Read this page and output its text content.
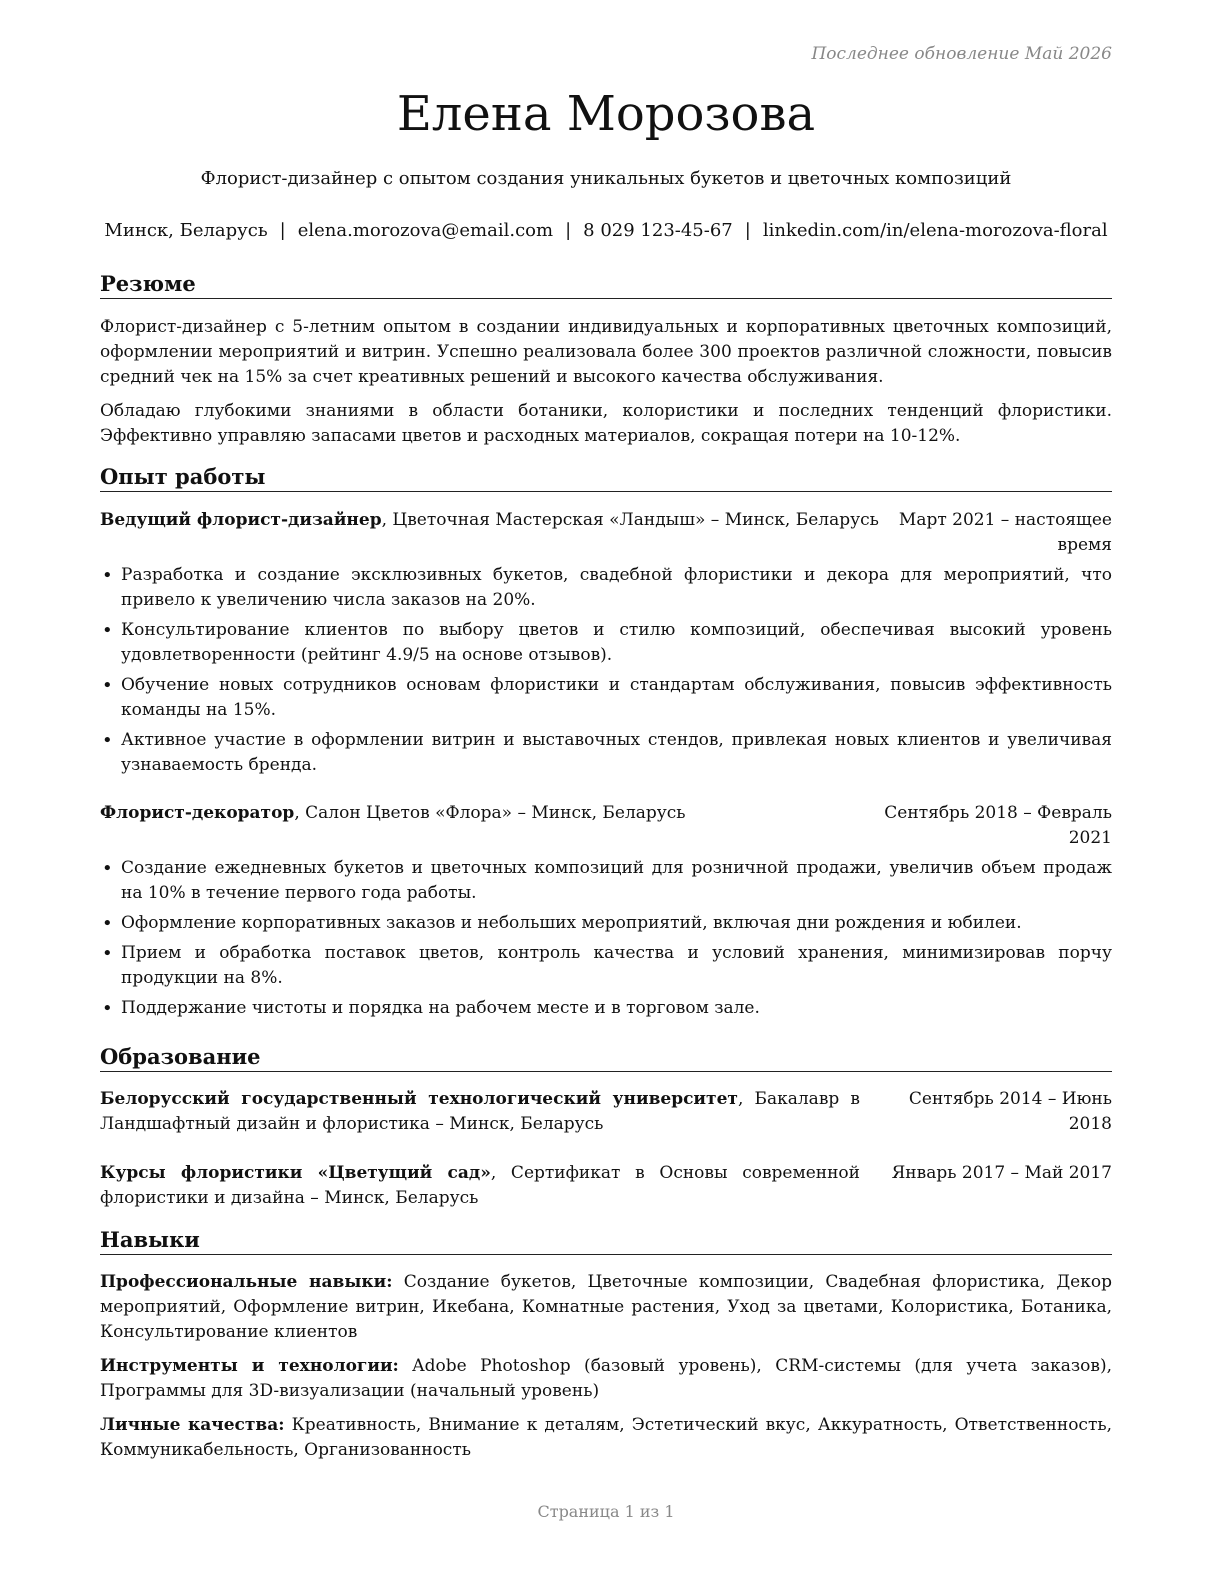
Последнее обновление Май 2026
Елена Морозова
Флорист-дизайнер с опытом создания уникальных букетов и цветочных композиций
Минск, Беларусь | elena.morozova@email.com | 8 029 123-45-67 | linkedin.com/in/elena-morozova-floral
Резюме

Флорист-дизайнер с 5-летним опытом в создании индивидуальных и корпоративных цветочных композиций, оформлении мероприятий и витрин. Успешно реализовала более 300 проектов различной сложности, повысив средний чек на 15% за счет креативных решений и высокого качества обслуживания.

Обладаю глубокими знаниями в области ботаники, колористики и последних тенденций флористики. Эффективно управляю запасами цветов и расходных материалов, сокращая потери на 10-12%.

Опыт работы
Март 2021 – настоящее
время
Ведущий флорист-дизайнер, Цветочная Мастерская «Ландыш» – Минск, Беларусь
• Разработка и создание эксклюзивных букетов, свадебной флористики и декора для мероприятий, что привело к увеличению числа заказов на 20%.
• Консультирование клиентов по выбору цветов и стилю композиций, обеспечивая высокий уровень удовлетворенности (рейтинг 4.9/5 на основе отзывов).
• Обучение новых сотрудников основам флористики и стандартам обслуживания, повысив эффективность команды на 15%.
• Активное участие в оформлении витрин и выставочных стендов, привлекая новых клиентов и увеличивая узнаваемость бренда.
Сентябрь 2018 – Февраль
2021
Флорист-декоратор, Салон Цветов «Флора» – Минск, Беларусь
• Создание ежедневных букетов и цветочных композиций для розничной продажи, увеличив объем продаж на 10% в течение первого года работы.
• Оформление корпоративных заказов и небольших мероприятий, включая дни рождения и юбилеи.
• Прием и обработка поставок цветов, контроль качества и условий хранения, минимизировав порчу продукции на 8%.
• Поддержание чистоты и порядка на рабочем месте и в торговом зале.
Образование
Белорусский государственный технологический университет, Бакалавр в Ландшафтный дизайн и флористика – Минск, Беларусь
Сентябрь 2014 – Июнь
2018
Курсы флористики «Цветущий сад», Сертификат в Основы современной флористики и дизайна – Минск, Беларусь
Январь 2017 – Май 2017
Навыки
Профессиональные навыки: Создание букетов, Цветочные композиции, Свадебная флористика, Декор мероприятий, Оформление витрин, Икебана, Комнатные растения, Уход за цветами, Колористика, Ботаника, Консультирование клиентов
Инструменты и технологии: Adobe Photoshop (базовый уровень), CRM-системы (для учета заказов), Программы для 3D-визуализации (начальный уровень)
Личные качества: Креативность, Внимание к деталям, Эстетический вкус, Аккуратность, Ответственность, Коммуникабельность, Организованность
Страница 1 из 1
